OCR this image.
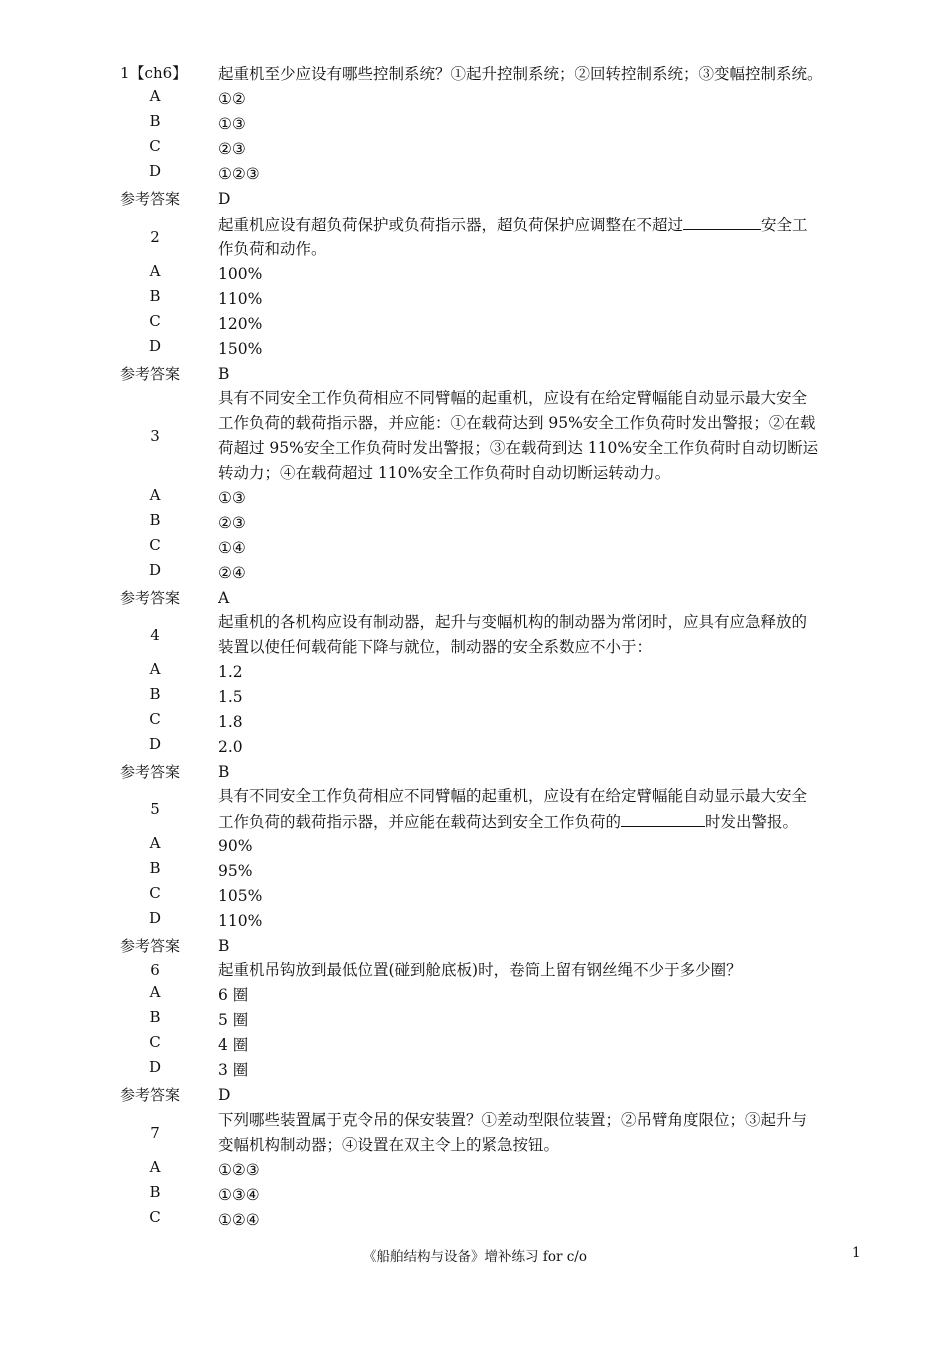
1【ch6】	起重机至少应设有哪些控制系统？①起升控制系统；②回转控制系统；③变幅控制系统。
A	①②
B	①③
C	②③
D	①②③
参考答案	D
2
起重机应设有超负荷保护或负荷指示器，超负荷保护应调整在不超过	安全工
作负荷和动作。
A	100%
B	110%
C	120%
D	150%
参考答案	B
3
具有不同安全工作负荷相应不同臂幅的起重机，应设有在给定臂幅能自动显示最大安全
工作负荷的载荷指示器，并应能：①在载荷达到 95%安全工作负荷时发出警报；②在载
荷超过 95%安全工作负荷时发出警报；③在载荷到达 110%安全工作负荷时自动切断运
转动力；④在载荷超过 110%安全工作负荷时自动切断运转动力。
A	①③
B	②③
C	①④
D	②④
参考答案	A
4
起重机的各机构应设有制动器，起升与变幅机构的制动器为常闭时，应具有应急释放的
装置以使任何载荷能下降与就位，制动器的安全系数应不小于：
A	1.2
B	1.5
C	1.8
D	2.0
参考答案	B
5
具有不同安全工作负荷相应不同臂幅的起重机，应设有在给定臂幅能自动显示最大安全
工作负荷的载荷指示器，并应能在载荷达到安全工作负荷的	时发出警报。
A	90%
B	95%
C	105%
D	110%
参考答案	B
6	起重机吊钩放到最低位置(碰到舱底板)时，卷筒上留有钢丝绳不少于多少圈？
A	6 圈
B	5 圈
C	4 圈
D	3 圈
参考答案	D
7
下列哪些装置属于克令吊的保安装置？①差动型限位装置；②吊臂角度限位；③起升与
变幅机构制动器；④设置在双主令上的紧急按钮。
A	①②③
B	①③④
C	①②④
《船舶结构与设备》增补练习 for c/o	1
